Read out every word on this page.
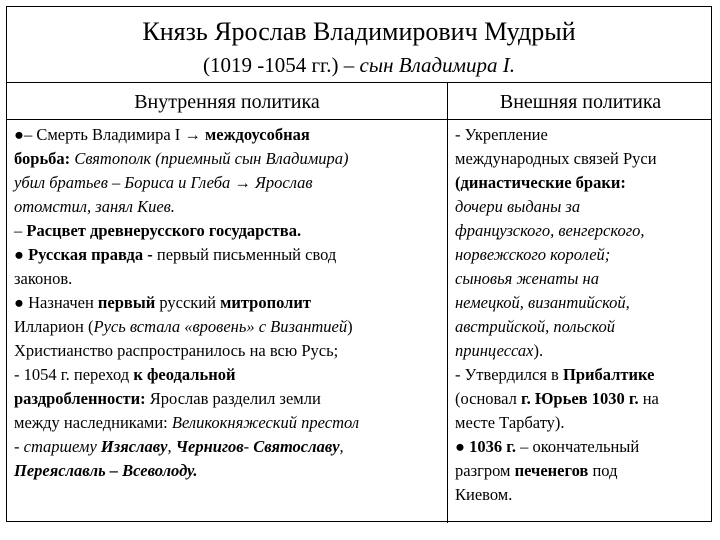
Князь Ярослав Владимирович Мудрый
(1019 -1054 гг.) – сын Владимира I.
Внутренняя политика	Внешняя политика
●– Смерть Владимира I → междоусобная
борьба: Святополк (приемный сын Владимира)
убил братьев – Бориса и Глеба → Ярослав
отомстил, занял Киев.
– Расцвет древнерусского государства.
● Русская правда - первый письменный свод
законов.
● Назначен первый русский митрополит
Илларион (Русь встала «вровень» с Византией)
Христианство распространилось на всю Русь;
- 1054 г. переход к феодальной
раздробленности: Ярослав разделил земли
между наследниками: Великокняжеский престол
- старшему Изяславу, Чернигов- Святославу,
Переяславль – Всеволоду.
- Укрепление
международных связей Руси
(династические браки:
дочери выданы за
французского, венгерского,
норвежского королей;
сыновья женаты на
немецкой, византийской,
австрийской, польской
принцессах).
- Утвердился в Прибалтике
(основал г. Юрьев 1030 г. на
месте Тарбату).
● 1036 г. – окончательный
разгром печенегов под
Киевом.
